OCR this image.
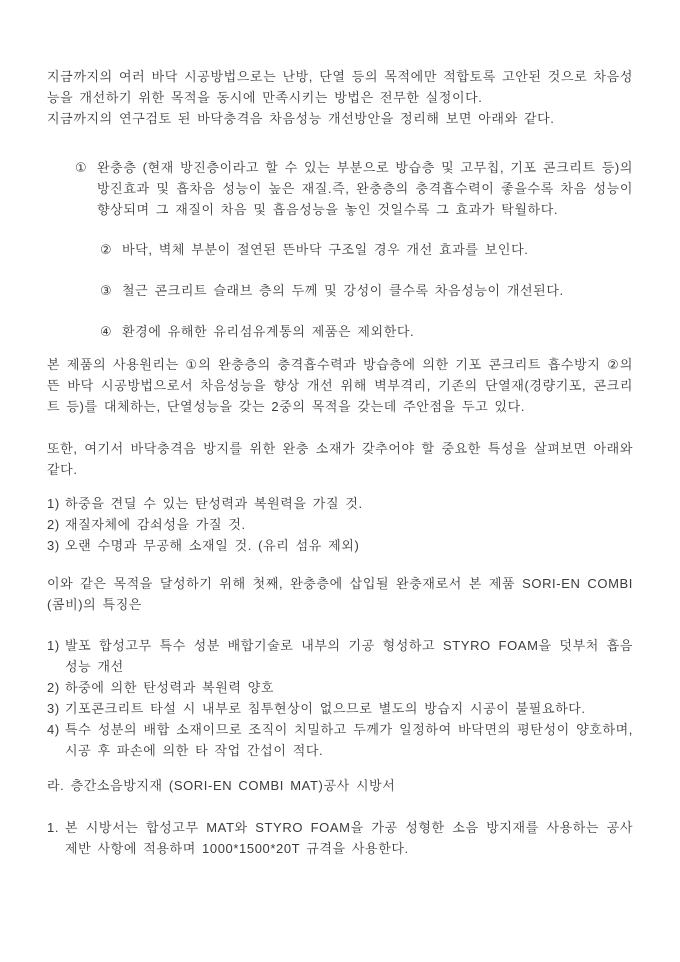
지금까지의 여러 바닥 시공방법으로는 난방, 단열 등의 목적에만 적합토록 고안된 것으로 차음성능을 개선하기 위한 목적을 동시에 만족시키는 방법은 전무한 실정이다.

지금까지의 연구검토 된 바닥충격음 차음성능 개선방안을 정리해 보면 아래와 같다.

① 완충층 (현재 방진층이라고 할 수 있는 부분으로 방습층 및 고무칩, 기포 콘크리트 등)의 방진효과 및 흡차음 성능이 높은 재질.즉, 완충층의 충격흡수력이 좋을수록 차음 성능이 향상되며 그 재질이 차음 및 흡음성능을 놓인 것일수록 그 효과가 탁월하다.
② 바닥, 벽체 부분이 절연된 뜬바닥 구조일 경우 개선 효과를 보인다.
③ 철근 콘크리트 슬래브 층의 두께 및 강성이 클수록 차음성능이 개선된다.
④ 환경에 유해한 유리섬유계통의 제품은 제외한다.

본 제품의 사용원리는 ①의 완충층의 충격흡수력과 방습층에 의한 기포 콘크리트 흡수방지 ②의 뜬 바닥 시공방법으로서 차음성능을 향상 개선 위해 벽부격리, 기존의 단열재(경량기포, 콘크리트 등)를 대체하는, 단열성능을 갖는 2중의 목적을 갖는데 주안점을 두고 있다.

또한, 여기서 바닥충격음 방지를 위한 완충 소재가 갖추어야 할 중요한 특성을 살펴보면 아래와 같다.

1) 하중을 견딜 수 있는 탄성력과 복원력을 가질 것.
2) 재질자체에 감쇠성을 가질 것.
3) 오랜 수명과 무공해 소재일 것. (유리 섬유 제외)

이와 같은 목적을 달성하기 위해 첫째, 완충층에 삽입될 완충재로서 본 제품 SORI-EN COMBI (콤비)의 특징은

1) 발포 합성고무 특수 성분 배합기술로 내부의 기공 형성하고 STYRO FOAM을 덧부처 흡음 성능 개선
2) 하중에 의한 탄성력과 복원력 양호
3) 기포콘크리트 타설 시 내부로 침투현상이 없으므로 별도의 방습지 시공이 불필요하다.
4) 특수 성분의 배합 소재이므로 조직이 치밀하고 두께가 일정하여 바닥면의 평탄성이 양호하며, 시공 후 파손에 의한 타 작업 간섭이 적다.

라. 층간소음방지재 (SORI-EN COMBI MAT)공사 시방서

1. 본 시방서는 합성고무 MAT와 STYRO FOAM을 가공 성형한 소음 방지재를 사용하는 공사 제반 사항에 적용하며 1000*1500*20T 규격을 사용한다.
